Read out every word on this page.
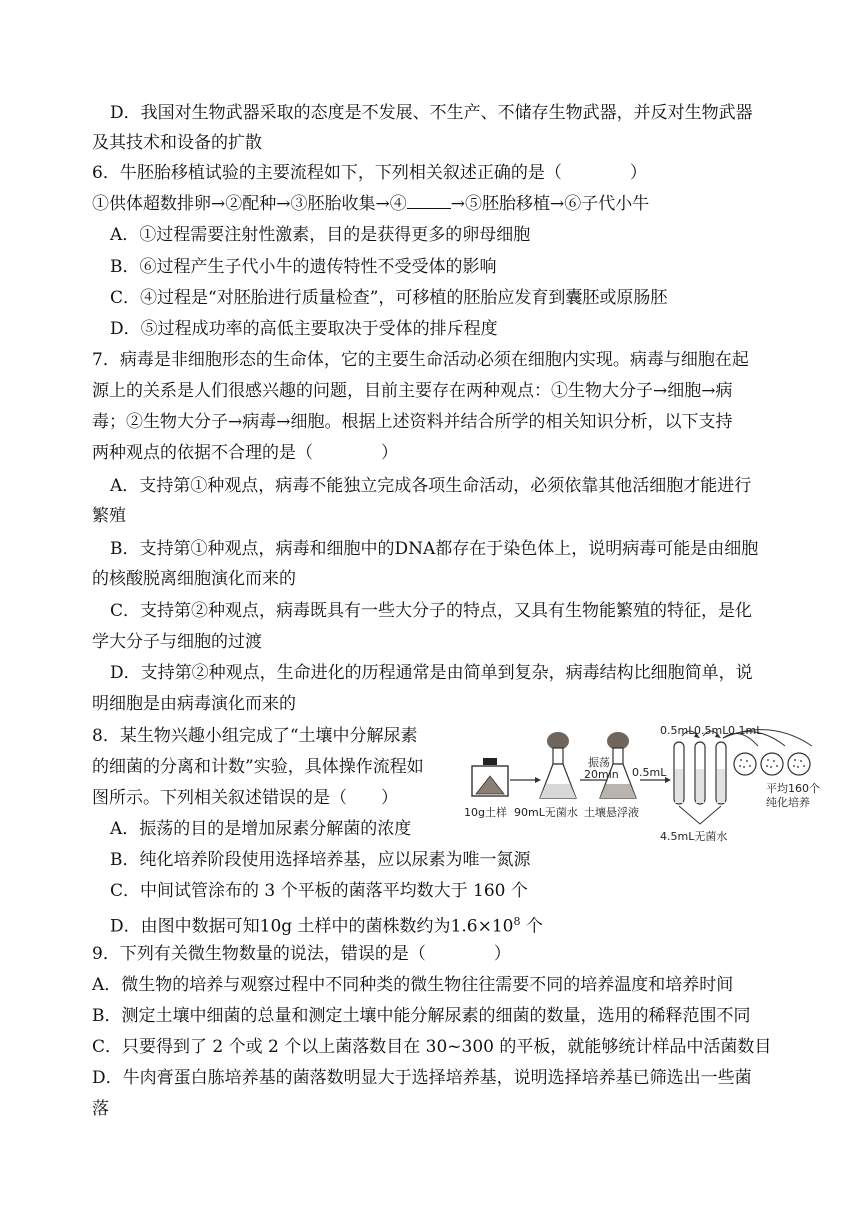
D．我国对生物武器采取的态度是不发展、不生产、不储存生物武器，并反对生物武器
及其技术和设备的扩散
6．牛胚胎移植试验的主要流程如下，下列相关叙述正确的是（　　　　）
①供体超数排卵→②配种→③胚胎收集→④	→⑤胚胎移植→⑥子代小牛
A．①过程需要注射性激素，目的是获得更多的卵母细胞
B．⑥过程产生子代小牛的遗传特性不受受体的影响
C．④过程是“对胚胎进行质量检查”，可移植的胚胎应发育到囊胚或原肠胚
D．⑤过程成功率的高低主要取决于受体的排斥程度
7．病毒是非细胞形态的生命体，它的主要生命活动必须在细胞内实现。病毒与细胞在起
源上的关系是人们很感兴趣的问题，目前主要存在两种观点：①生物大分子→细胞→病
毒；②生物大分子→病毒→细胞。根据上述资料并结合所学的相关知识分析，以下支持
两种观点的依据不合理的是（　　　　）
A．支持第①种观点，病毒不能独立完成各项生命活动，必须依靠其他活细胞才能进行
繁殖
B．支持第①种观点，病毒和细胞中的DNA都存在于染色体上，说明病毒可能是由细胞
的核酸脱离细胞演化而来的
C．支持第②种观点，病毒既具有一些大分子的特点，又具有生物能繁殖的特征，是化
学大分子与细胞的过渡
D．支持第②种观点，生命进化的历程通常是由简单到复杂，病毒结构比细胞简单，说
明细胞是由病毒演化而来的
8．某生物兴趣小组完成了“土壤中分解尿素
的细菌的分离和计数”实验，具体操作流程如
图所示。下列相关叙述错误的是（　　）
A．振荡的目的是增加尿素分解菌的浓度
B．纯化培养阶段使用选择培养基，应以尿素为唯一氮源
C．中间试管涂布的 3 个平板的菌落平均数大于 160 个
D．由图中数据可知10g 土样中的菌株数约为$1.6\times 10^8$ 个
9．下列有关微生物数量的说法，错误的是（　　　　）
A．微生物的培养与观察过程中不同种类的微生物往往需要不同的培养温度和培养时间
B．测定土壤中细菌的总量和测定土壤中能分解尿素的细菌的数量，选用的稀释范围不同
C．只要得到了 2 个或 2 个以上菌落数目在 30~300 的平板，就能够统计样品中活菌数目
D．牛肉膏蛋白胨培养基的菌落数明显大于选择培养基，说明选择培养基已筛选出一些菌
落
10g土样
振荡
20min
90mL无菌水 土壤悬浮液
0.5mL
0.5mL 0.5mL 0.1mL
4.5mL无菌水
平均160个
纯化培养
